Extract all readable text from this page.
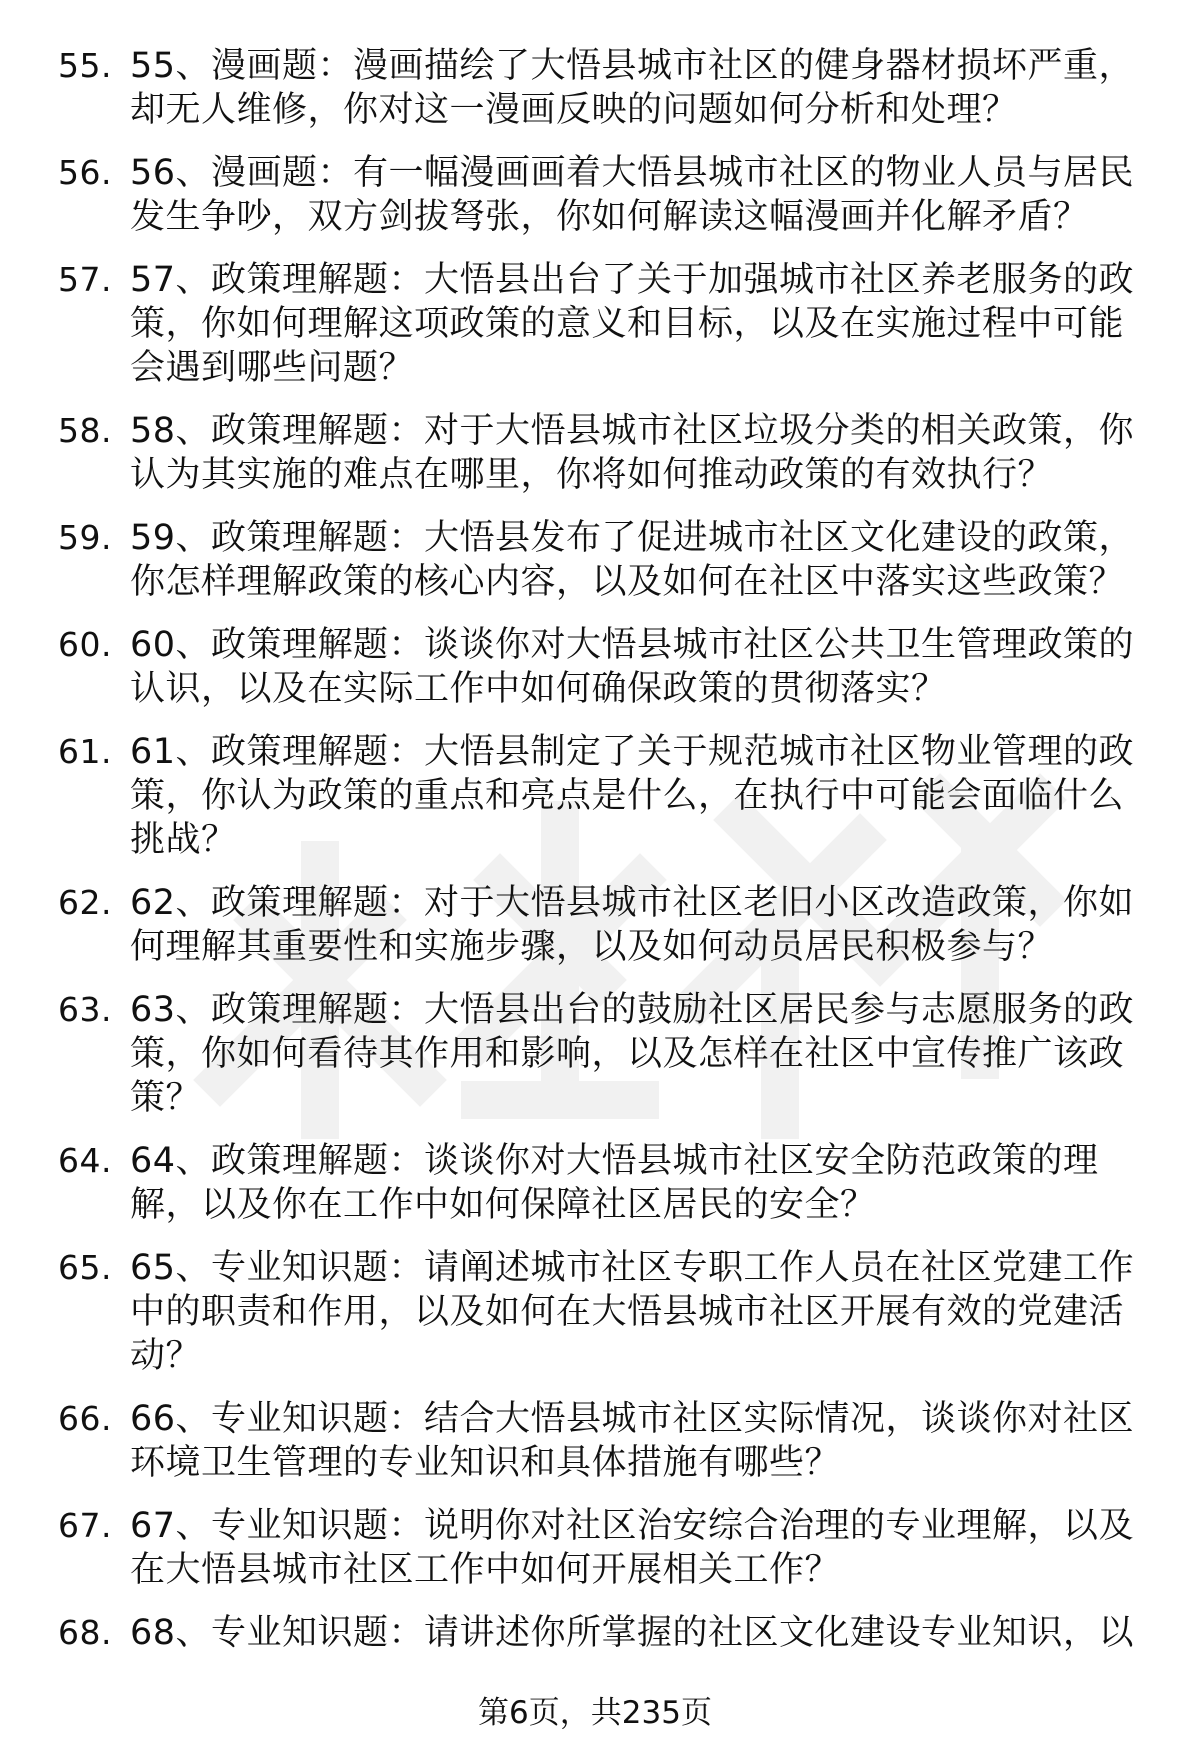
55. 55、漫画题：漫画描绘了大悟县城市社区的健身器材损坏严重，却无人维修，你对这一漫画反映的问题如何分析和处理？
56. 56、漫画题：有一幅漫画画着大悟县城市社区的物业人员与居民发生争吵，双方剑拔弩张，你如何解读这幅漫画并化解矛盾？
57. 57、政策理解题：大悟县出台了关于加强城市社区养老服务的政策，你如何理解这项政策的意义和目标，以及在实施过程中可能会遇到哪些问题？
58. 58、政策理解题：对于大悟县城市社区垃圾分类的相关政策，你认为其实施的难点在哪里，你将如何推动政策的有效执行？
59. 59、政策理解题：大悟县发布了促进城市社区文化建设的政策，你怎样理解政策的核心内容，以及如何在社区中落实这些政策？
60. 60、政策理解题：谈谈你对大悟县城市社区公共卫生管理政策的认识，以及在实际工作中如何确保政策的贯彻落实？
61. 61、政策理解题：大悟县制定了关于规范城市社区物业管理的政策，你认为政策的重点和亮点是什么，在执行中可能会面临什么挑战？
62. 62、政策理解题：对于大悟县城市社区老旧小区改造政策，你如何理解其重要性和实施步骤，以及如何动员居民积极参与？
63. 63、政策理解题：大悟县出台的鼓励社区居民参与志愿服务的政策，你如何看待其作用和影响，以及怎样在社区中宣传推广该政策？
64. 64、政策理解题：谈谈你对大悟县城市社区安全防范政策的理解，以及你在工作中如何保障社区居民的安全？
65. 65、专业知识题：请阐述城市社区专职工作人员在社区党建工作中的职责和作用，以及如何在大悟县城市社区开展有效的党建活动？
66. 66、专业知识题：结合大悟县城市社区实际情况，谈谈你对社区环境卫生管理的专业知识和具体措施有哪些？
67. 67、专业知识题：说明你对社区治安综合治理的专业理解，以及在大悟县城市社区工作中如何开展相关工作？
68. 68、专业知识题：请讲述你所掌握的社区文化建设专业知识，以
第6页，共235页
